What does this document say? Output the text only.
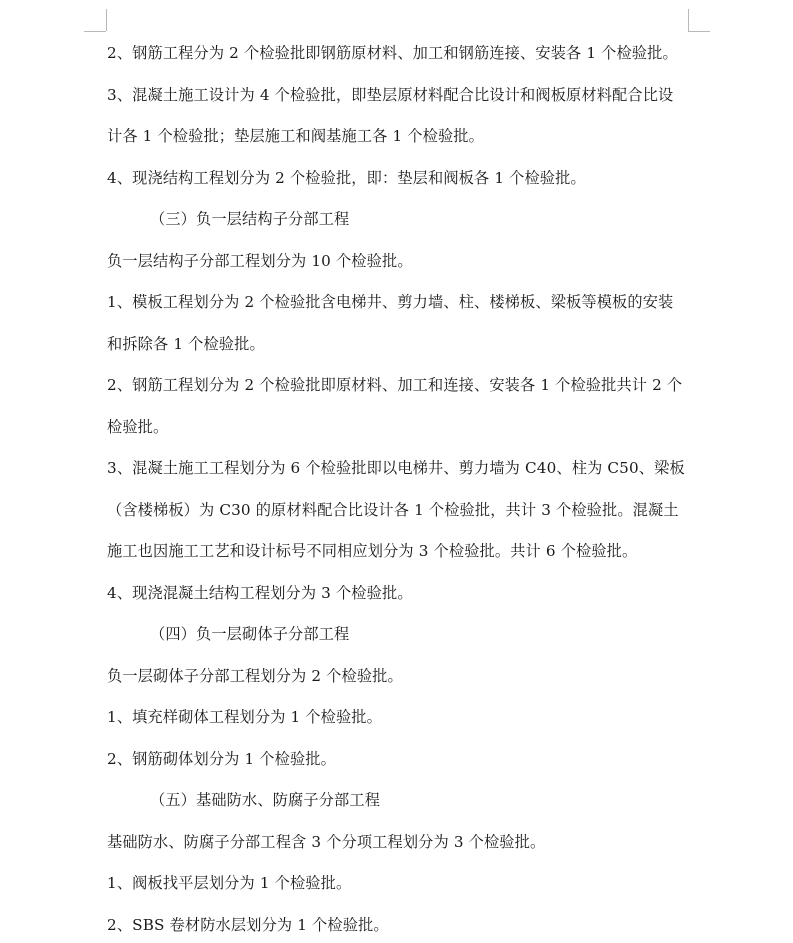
2、钢筋工程分为 2 个检验批即钢筋原材料、加工和钢筋连接、安装各 1 个检验批。
3、混凝土施工设计为 4 个检验批，即垫层原材料配合比设计和阀板原材料配合比设
计各 1 个检验批；垫层施工和阀基施工各 1 个检验批。
4、现浇结构工程划分为 2 个检验批，即：垫层和阀板各 1 个检验批。
（三）负一层结构子分部工程
负一层结构子分部工程划分为 10 个检验批。
1、模板工程划分为 2 个检验批含电梯井、剪力墙、柱、楼梯板、梁板等模板的安装
和拆除各 1 个检验批。
2、钢筋工程划分为 2 个检验批即原材料、加工和连接、安装各 1 个检验批共计 2 个
检验批。
3、混凝土施工工程划分为 6 个检验批即以电梯井、剪力墙为 C40、柱为 C50、梁板
（含楼梯板）为 C30 的原材料配合比设计各 1 个检验批，共计 3 个检验批。混凝土
施工也因施工工艺和设计标号不同相应划分为 3 个检验批。共计 6 个检验批。
4、现浇混凝土结构工程划分为 3 个检验批。
（四）负一层砌体子分部工程
负一层砌体子分部工程划分为 2 个检验批。
1、填充样砌体工程划分为 1 个检验批。
2、钢筋砌体划分为 1 个检验批。
（五）基础防水、防腐子分部工程
基础防水、防腐子分部工程含 3 个分项工程划分为 3 个检验批。
1、阀板找平层划分为 1 个检验批。
2、SBS 卷材防水层划分为 1 个检验批。
